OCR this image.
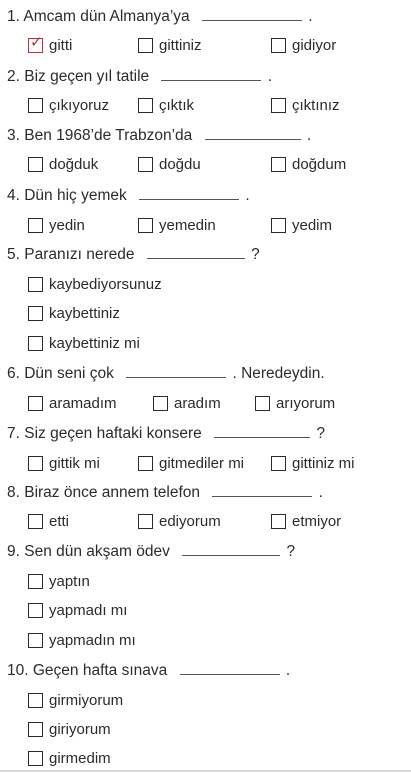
1. Amcam dün Almanya’ya	.
✓ gitti	gittiniz	gidiyor
2. Biz geçen yıl tatile	.
çıkıyoruz	çıktık	çıktınız
3. Ben 1968’de Trabzon’da	.
doğduk	doğdu	doğdum
4. Dün hiç yemek	.
yedin	yemedin	yedim
5. Paranızı nerede	?
kaybediyorsunuz
kaybettiniz
kaybettiniz mi
6. Dün seni çok	. Neredeydin.
aramadım	aradım	arıyorum
7. Siz geçen haftaki konsere	?
gittik mi	gitmediler mi	gittiniz mi
8. Biraz önce annem telefon	.
etti	ediyorum	etmiyor
9. Sen dün akşam ödev	?
yaptın
yapmadı mı
yapmadın mı
10. Geçen hafta sınava	.
girmiyorum
giriyorum
girmedim
